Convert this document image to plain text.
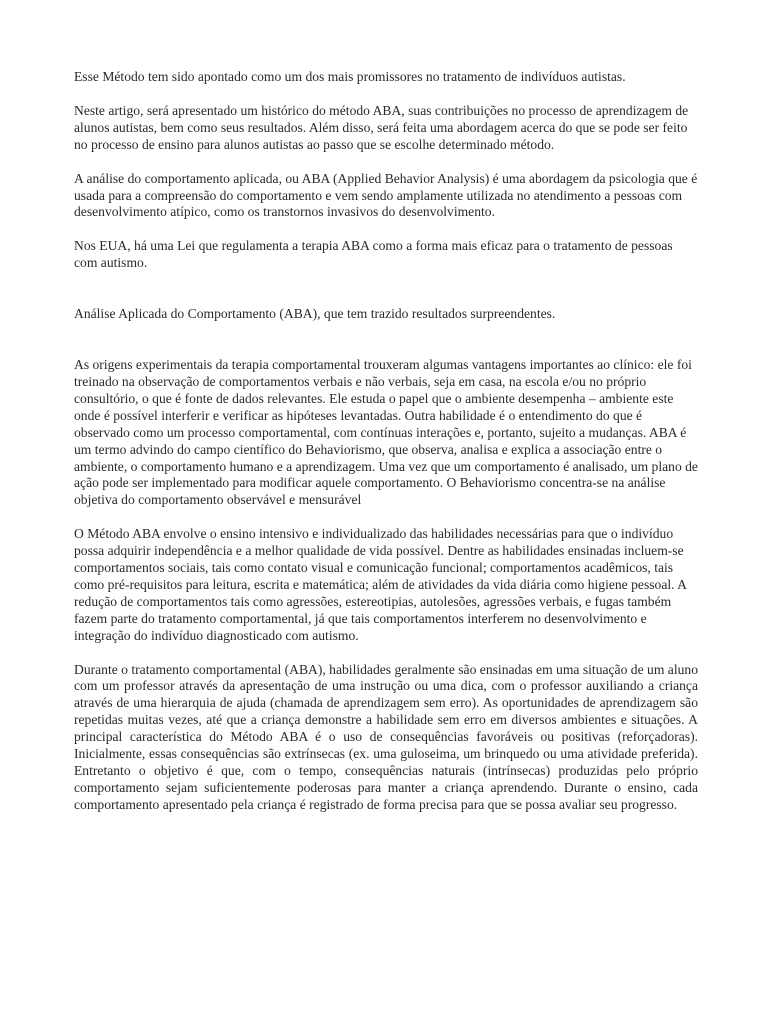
Esse Método tem sido apontado como um dos mais promissores no tratamento de indivíduos autistas.

Neste artigo, será apresentado um histórico do método ABA, suas contribuições no processo de aprendizagem de alunos autistas, bem como seus resultados. Além disso, será feita uma abordagem acerca do que se pode ser feito no processo de ensino para alunos autistas ao passo que se escolhe determinado método.

A análise do comportamento aplicada, ou ABA (Applied Behavior Analysis) é uma abordagem da psicologia que é usada para a compreensão do comportamento e vem sendo amplamente utilizada no atendimento a pessoas com desenvolvimento atípico, como os transtornos invasivos do desenvolvimento.

Nos EUA, há uma Lei que regulamenta a terapia ABA como a forma mais eficaz para o tratamento de pessoas com autismo.

Análise Aplicada do Comportamento (ABA), que tem trazido resultados surpreendentes.

As origens experimentais da terapia comportamental trouxeram algumas vantagens importantes ao clínico: ele foi treinado na observação de comportamentos verbais e não verbais, seja em casa, na escola e/ou no próprio consultório, o que é fonte de dados relevantes. Ele estuda o papel que o ambiente desempenha – ambiente este onde é possível interferir e verificar as hipóteses levantadas. Outra habilidade é o entendimento do que é observado como um processo comportamental, com contínuas interações e, portanto, sujeito a mudanças. ABA é um termo advindo do campo científico do Behaviorismo, que observa, analisa e explica a associação entre o ambiente, o comportamento humano e a aprendizagem. Uma vez que um comportamento é analisado, um plano de ação pode ser implementado para modificar aquele comportamento. O Behaviorismo concentra-se na análise objetiva do comportamento observável e mensurável

O Método ABA envolve o ensino intensivo e individualizado das habilidades necessárias para que o indivíduo possa adquirir independência e a melhor qualidade de vida possível. Dentre as habilidades ensinadas incluem-se comportamentos sociais, tais como contato visual e comunicação funcional; comportamentos acadêmicos, tais como pré-requisitos para leitura, escrita e matemática; além de atividades da vida diária como higiene pessoal. A redução de comportamentos tais como agressões, estereotipias, autolesões, agressões verbais, e fugas também fazem parte do tratamento comportamental, já que tais comportamentos interferem no desenvolvimento e integração do indivíduo diagnosticado com autismo.

Durante o tratamento comportamental (ABA), habilidades geralmente são ensinadas em uma situação de um aluno com um professor através da apresentação de uma instrução ou uma dica, com o professor auxiliando a criança através de uma hierarquia de ajuda (chamada de aprendizagem sem erro). As oportunidades de aprendizagem são repetidas muitas vezes, até que a criança demonstre a habilidade sem erro em diversos ambientes e situações. A principal característica do Método ABA é o uso de consequências favoráveis ou positivas (reforçadoras). Inicialmente, essas consequências são extrínsecas (ex. uma guloseima, um brinquedo ou uma atividade preferida). Entretanto o objetivo é que, com o tempo, consequências naturais (intrínsecas) produzidas pelo próprio comportamento sejam suficientemente poderosas para manter a criança aprendendo. Durante o ensino, cada comportamento apresentado pela criança é registrado de forma precisa para que se possa avaliar seu progresso.
